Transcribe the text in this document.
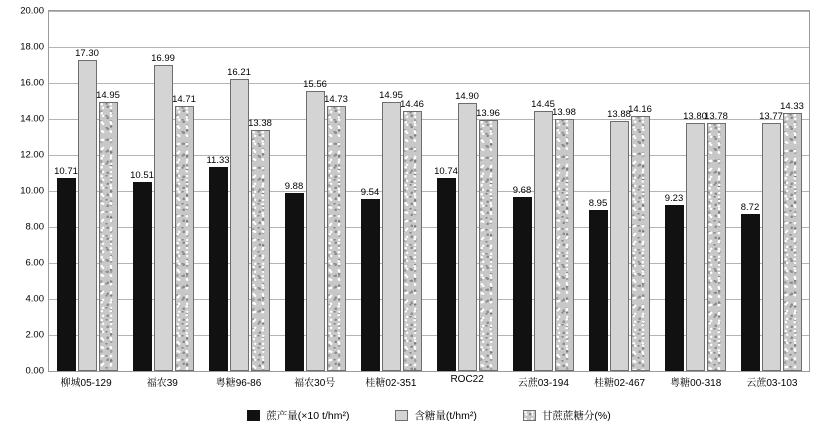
0.00
2.00
4.00
6.00
8.00
10.00
12.00
14.00
16.00
18.00
20.00
10.71
17.30
14.95
10.51
16.99
14.71
11.33
16.21
13.38
9.88
15.56
14.73
9.54
14.95
14.46
10.74
14.90
13.96
9.68
14.45
13.98
8.95
13.88
14.16
9.23
13.80
13.78
8.72
13.77
14.33
柳城05-129	福农39	粤糖96-86	福农30号	桂糖02-351	ROC22	云蔗03-194	桂糖02-467	粤糖00-318	云蔗03-103
蔗产量(×10 t/hm²)	含糖量(t/hm²)	甘蔗蔗糖分(%)
